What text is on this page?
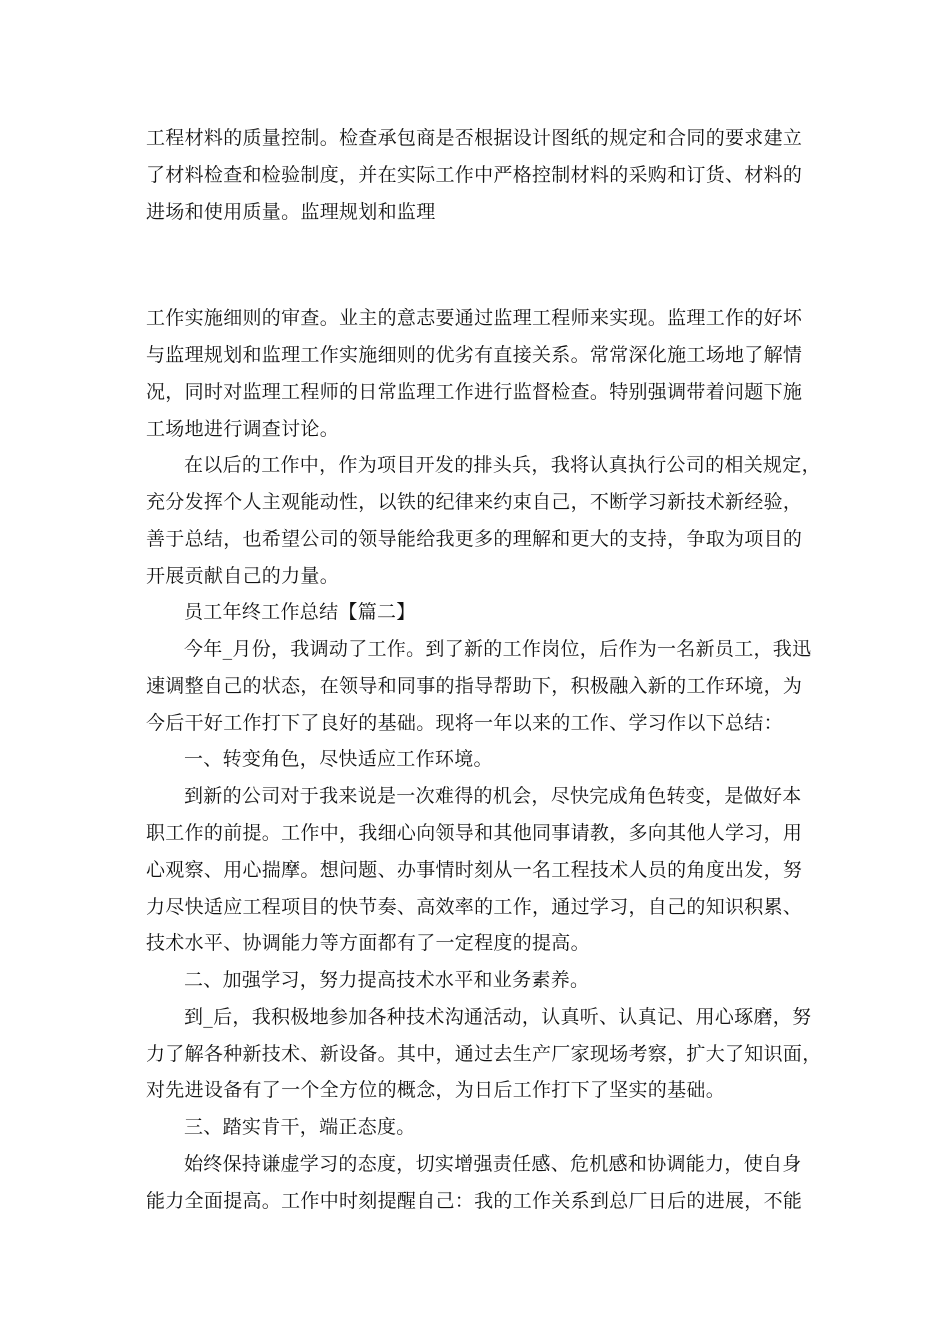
工程材料的质量控制。检查承包商是否根据设计图纸的规定和合同的要求建立
了材料检查和检验制度，并在实际工作中严格控制材料的采购和订货、材料的
进场和使用质量。监理规划和监理
工作实施细则的审查。业主的意志要通过监理工程师来实现。监理工作的好坏
与监理规划和监理工作实施细则的优劣有直接关系。常常深化施工场地了解情
况，同时对监理工程师的日常监理工作进行监督检查。特别强调带着问题下施
工场地进行调查讨论。
在以后的工作中，作为项目开发的排头兵，我将认真执行公司的相关规定，
充分发挥个人主观能动性，以铁的纪律来约束自己，不断学习新技术新经验，
善于总结，也希望公司的领导能给我更多的理解和更大的支持，争取为项目的
开展贡献自己的力量。
员工年终工作总结【篇二】
今年_月份，我调动了工作。到了新的工作岗位，后作为一名新员工，我迅
速调整自己的状态，在领导和同事的指导帮助下，积极融入新的工作环境，为
今后干好工作打下了良好的基础。现将一年以来的工作、学习作以下总结：
一、转变角色，尽快适应工作环境。
到新的公司对于我来说是一次难得的机会，尽快完成角色转变，是做好本
职工作的前提。工作中，我细心向领导和其他同事请教，多向其他人学习，用
心观察、用心揣摩。想问题、办事情时刻从一名工程技术人员的角度出发，努
力尽快适应工程项目的快节奏、高效率的工作，通过学习，自己的知识积累、
技术水平、协调能力等方面都有了一定程度的提高。
二、加强学习，努力提高技术水平和业务素养。
到_后，我积极地参加各种技术沟通活动，认真听、认真记、用心琢磨，努
力了解各种新技术、新设备。其中，通过去生产厂家现场考察，扩大了知识面，
对先进设备有了一个全方位的概念，为日后工作打下了坚实的基础。
三、踏实肯干，端正态度。
始终保持谦虚学习的态度，切实增强责任感、危机感和协调能力，使自身
能力全面提高。工作中时刻提醒自己：我的工作关系到总厂日后的进展，不能
